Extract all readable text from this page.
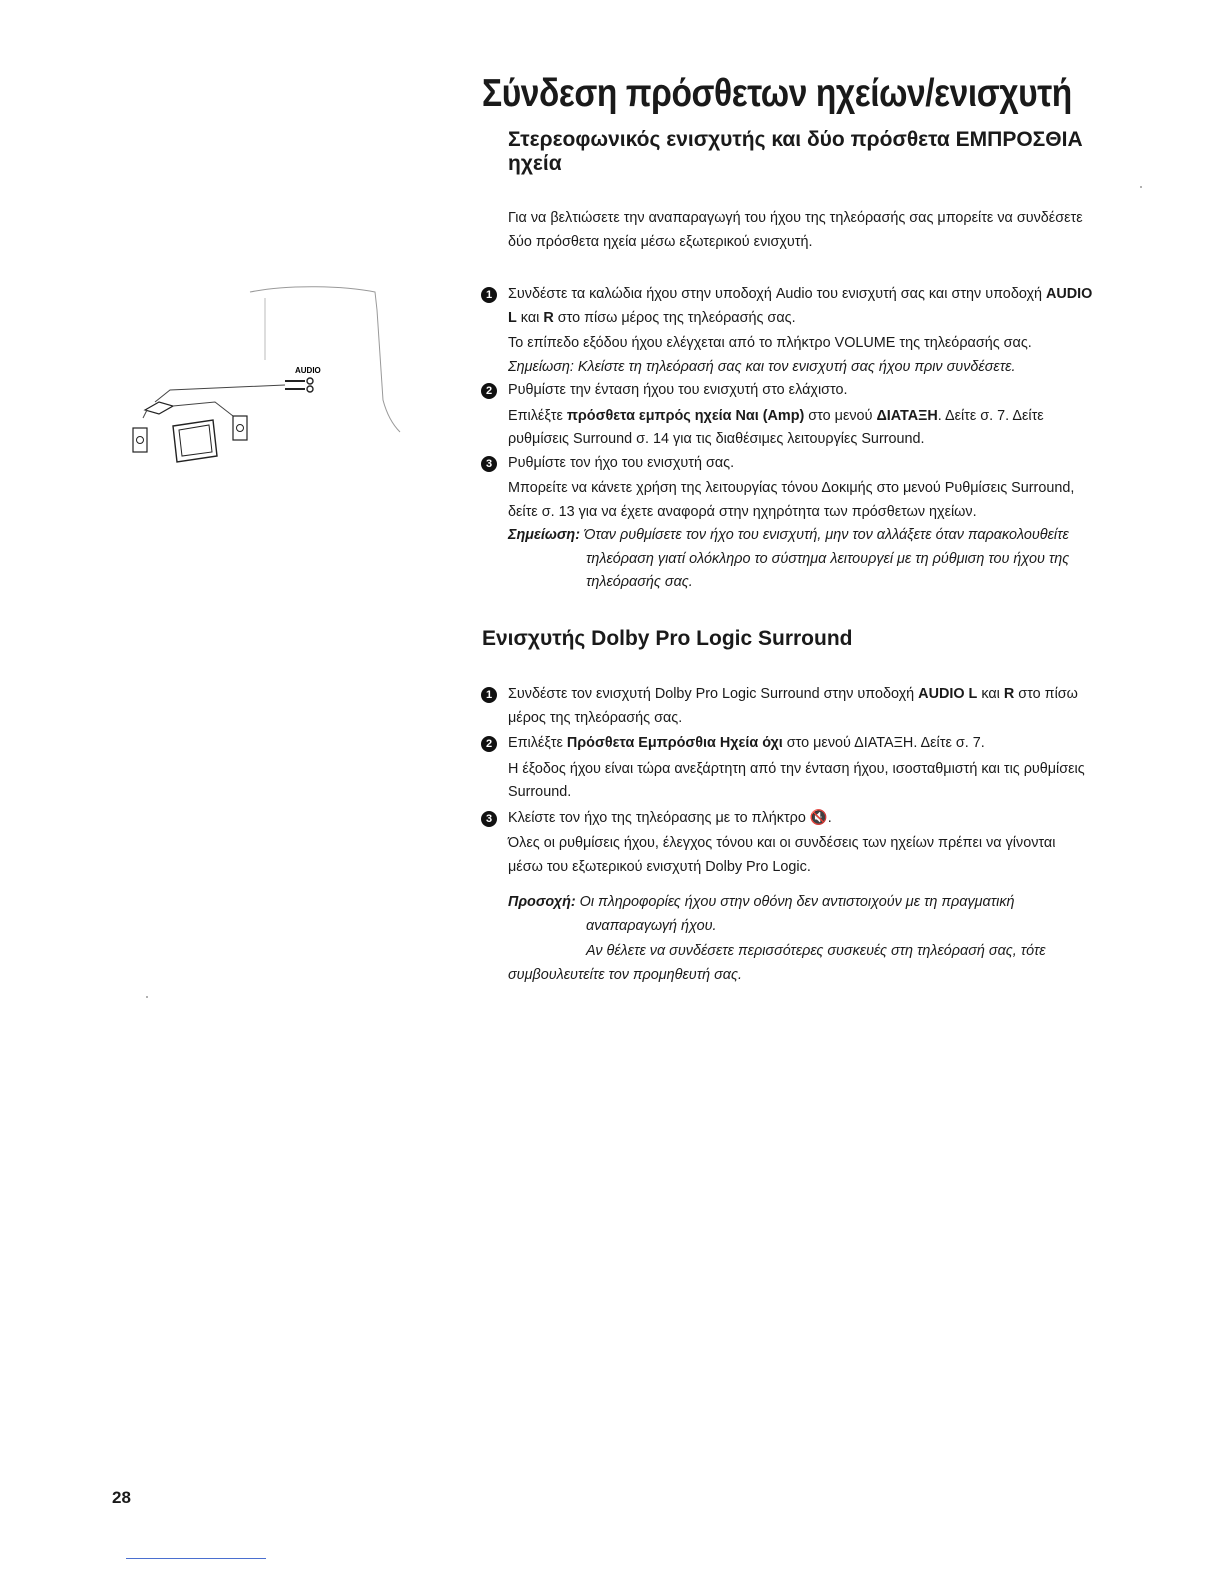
Σύνδεση πρόσθετων ηχείων/ενισχυτή
Στερεοφωνικός ενισχυτής και δύο πρόσθετα ΕΜΠΡΟΣΘΙΑ ηχεία
AUDIO

Για να βελτιώσετε την αναπαραγωγή του ήχου της τηλεόρασής σας μπορείτε να συνδέσετε δύο πρόσθετα ηχεία μέσω εξωτερικού ενισχυτή.

1	Συνδέστε τα καλώδια ήχου στην υποδοχή Audio του ενισχυτή σας και στην υποδοχή AUDIO L και R στο πίσω μέρος της τηλεόρασής σας.

Το επίπεδο εξόδου ήχου ελέγχεται από το πλήκτρο VOLUME της τηλεόρασής σας.

Σημείωση: Κλείστε τη τηλεόρασή σας και τον ενισχυτή σας ήχου πριν συνδέσετε.

2	Ρυθμίστε την ένταση ήχου του ενισχυτή στο ελάχιστο.

Επιλέξτε πρόσθετα εμπρός ηχεία Ναι (Amp) στο μενού ΔΙΑΤΑΞΗ. Δείτε σ. 7. Δείτε ρυθμίσεις Surround σ. 14 για τις διαθέσιμες λειτουργίες Surround.

3	Ρυθμίστε τον ήχο του ενισχυτή σας.

Μπορείτε να κάνετε χρήση της λειτουργίας τόνου Δοκιμής στο μενού Ρυθμίσεις Surround, δείτε σ. 13 για να έχετε αναφορά στην ηχηρότητα των πρόσθετων ηχείων.

Σημείωση: Όταν ρυθμίσετε τον ήχο του ενισχυτή, μην τον αλλάξετε όταν παρακολουθείτε τηλεόραση γιατί ολόκληρο το σύστημα λειτουργεί με τη ρύθμιση του ήχου της τηλεόρασής σας.

Ενισχυτής Dolby Pro Logic Surround
1	Συνδέστε τον ενισχυτή Dolby Pro Logic Surround στην υποδοχή AUDIO L και R στο πίσω μέρος της τηλεόρασής σας.

2	Επιλέξτε Πρόσθετα Εμπρόσθια Ηχεία όχι στο μενού ΔΙΑΤΑΞΗ. Δείτε σ. 7.

Η έξοδος ήχου είναι τώρα ανεξάρτητη από την ένταση ήχου, ισοσταθμιστή και τις ρυθμίσεις Surround.

3	Κλείστε τον ήχο της τηλεόρασης με το πλήκτρο 🔇.

Όλες οι ρυθμίσεις ήχου, έλεγχος τόνου και οι συνδέσεις των ηχείων πρέπει να γίνονται μέσω του εξωτερικού ενισχυτή Dolby Pro Logic.

Προσοχή: Οι πληροφορίες ήχου στην οθόνη δεν αντιστοιχούν με τη πραγματική αναπαραγωγή ήχου.

Αν θέλετε να συνδέσετε περισσότερες συσκευές στη τηλεόρασή σας, τότε συμβουλευτείτε τον προμηθευτή σας.

28
